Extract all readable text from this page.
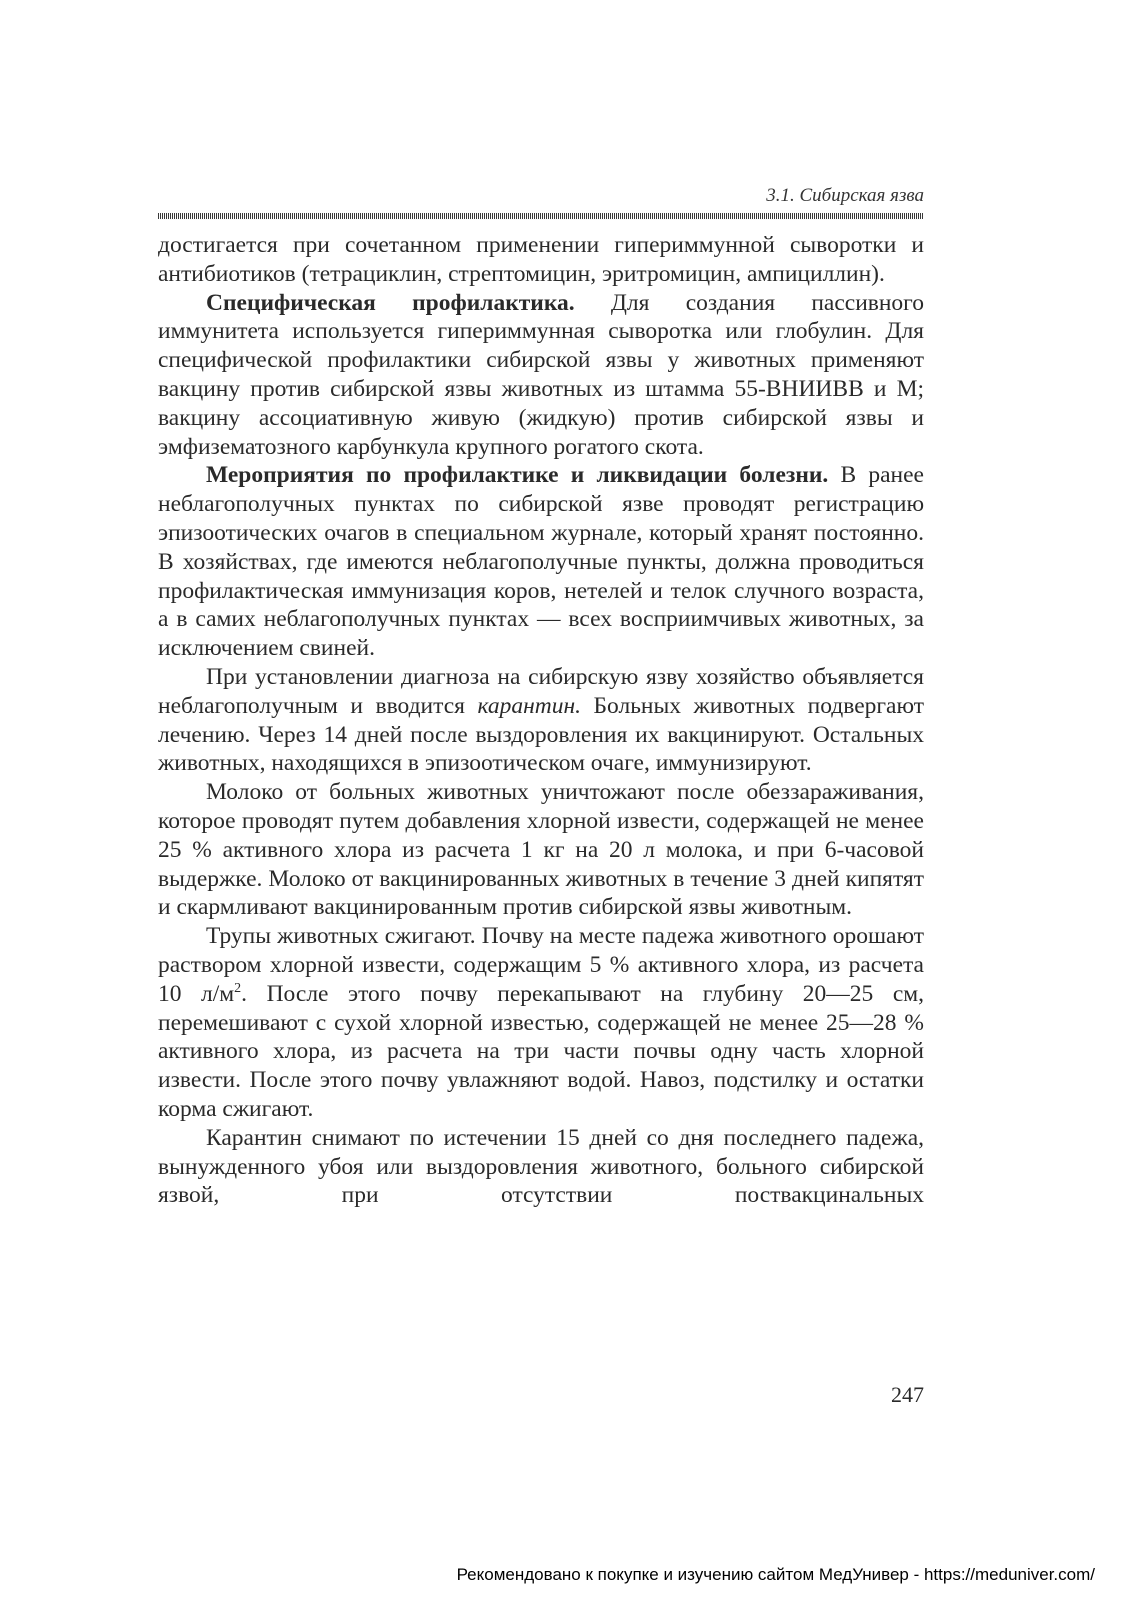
3.1. Сибирская язва

достигается при сочетанном применении гипериммунной сыворотки и антибиотиков (тетрациклин, стрептомицин, эритромицин, ампициллин).

Специфическая профилактика. Для создания пассивного иммунитета используется гипериммунная сыворотка или глобулин. Для специфической профилактики сибирской язвы у животных применяют вакцину против сибирской язвы животных из штамма 55-ВНИИВВ и М; вакцину ассоциативную живую (жидкую) против сибирской язвы и эмфизематозного карбункула крупного рогатого скота.

Мероприятия по профилактике и ликвидации болезни. В ранее неблагополучных пунктах по сибирской язве проводят регистрацию эпизоотических очагов в специальном журнале, который хранят постоянно. В хозяйствах, где имеются неблагополучные пункты, должна проводиться профилактическая иммунизация коров, нетелей и телок случного возраста, а в самих неблагополучных пунктах — всех восприимчивых животных, за исключением свиней.

При установлении диагноза на сибирскую язву хозяйство объявляется неблагополучным и вводится карантин. Больных животных подвергают лечению. Через 14 дней после выздоровления их вакцинируют. Остальных животных, находящихся в эпизоотическом очаге, иммунизируют.

Молоко от больных животных уничтожают после обеззараживания, которое проводят путем добавления хлорной извести, содержащей не менее 25 % активного хлора из расчета 1 кг на 20 л молока, и при 6-часовой выдержке. Молоко от вакцинированных животных в течение 3 дней кипятят и скармливают вакцинированным против сибирской язвы животным.

Трупы животных сжигают. Почву на месте падежа животного орошают раствором хлорной извести, содержащим 5 % активного хлора, из расчета 10 $л/м^2$. После этого почву перекапывают на глубину 20—25 см, перемешивают с сухой хлорной известью, содержащей не менее 25—28 % активного хлора, из расчета на три части почвы одну часть хлорной извести. После этого почву увлажняют водой. Навоз, подстилку и остатки корма сжигают.

Карантин снимают по истечении 15 дней со дня последнего падежа, вынужденного убоя или выздоровления животного, больного сибирской язвой, при отсутствии поствакцинальных

247
Рекомендовано к покупке и изучению сайтом МедУнивер - https://meduniver.com/
